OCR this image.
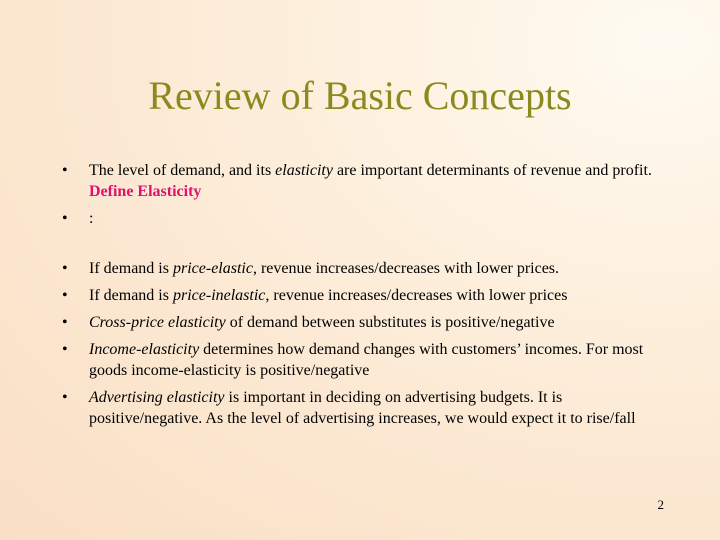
Review of Basic Concepts
• The level of demand, and its elasticity are important determinants of revenue and profit. Define Elasticity
• :
• If demand is price-elastic, revenue increases/decreases with lower prices.
• If demand is price-inelastic, revenue increases/decreases with lower prices
• Cross-price elasticity of demand between substitutes is positive/negative
• Income-elasticity determines how demand changes with customers’ incomes. For most goods income-elasticity is positive/negative
• Advertising elasticity is important in deciding on advertising budgets. It is positive/negative. As the level of advertising increases, we would expect it to rise/fall
2
